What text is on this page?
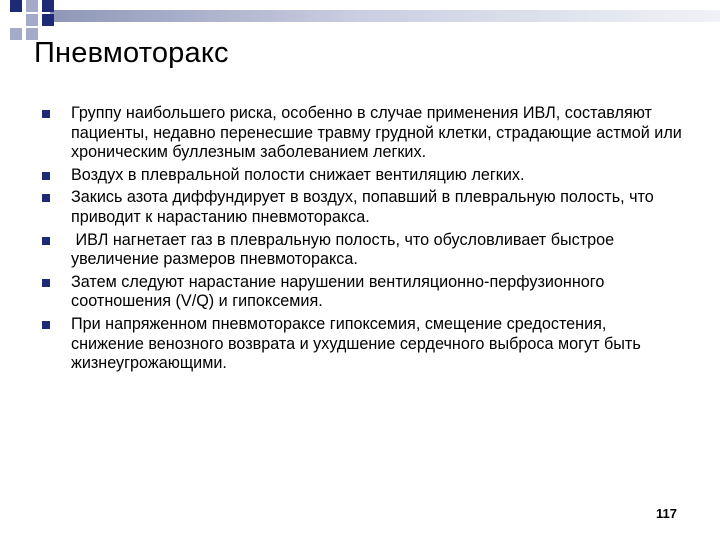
Пневмоторакс
Группу наибольшего риска, особенно в случае применения ИВЛ, составляют пациенты, недавно перенесшие травму грудной клетки, страдающие астмой или хроническим буллезным заболеванием легких.
Воздух в плевральной полости снижает вентиляцию легких.
Закись азота диффундирует в воздух, попавший в плевральную полость, что приводит к нарастанию пневмоторакса.
ИВЛ нагнетает газ в плевральную полость, что обусловливает быстрое увеличение размеров пневмоторакса.
Затем следуют нарастание нарушении вентиляционно-перфузионного соотношения (V/Q) и гипоксемия.
При напряженном пневмотораксе гипоксемия, смещение средостения, снижение венозного возврата и ухудшение сердечного выброса могут быть жизнеугрожающими.
117
